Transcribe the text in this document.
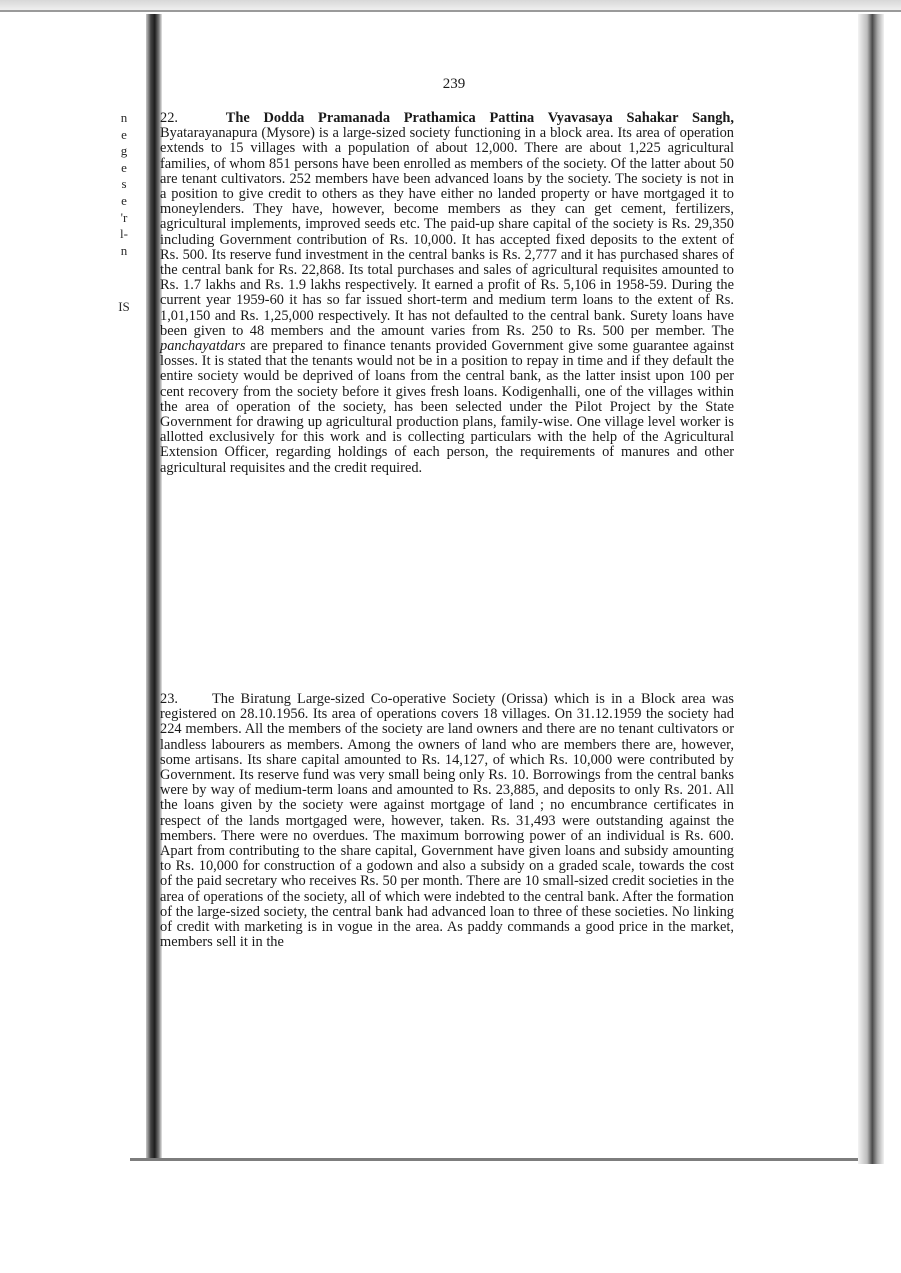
n
e
g
e
s
e
'r
l-
n
IS
239

22.	The Dodda Pramanada Prathamica Pattina Vyavasaya Sahakar Sangh, Byatarayanapura (Mysore) is a large-sized society functioning in a block area. Its area of operation extends to 15 villages with a population of about 12,000. There are about 1,225 agricultural families, of whom 851 persons have been enrolled as members of the society. Of the latter about 50 are tenant cultivators. 252 members have been advanced loans by the society. The society is not in a position to give credit to others as they have either no landed property or have mortgaged it to moneylenders. They have, however, become members as they can get cement, fertilizers, agricultural implements, improved seeds etc. The paid-up share capital of the society is Rs. 29,350 including Government contribution of Rs. 10,000. It has accepted fixed deposits to the extent of Rs. 500. Its reserve fund investment in the central banks is Rs. 2,777 and it has purchased shares of the central bank for Rs. 22,868. Its total purchases and sales of agricultural requisites amounted to Rs. 1.7 lakhs and Rs. 1.9 lakhs respectively. It earned a profit of Rs. 5,106 in 1958-59. During the current year 1959-60 it has so far issued short-term and medium term loans to the extent of Rs. 1,01,150 and Rs. 1,25,000 respectively. It has not defaulted to the central bank. Surety loans have been given to 48 members and the amount varies from Rs. 250 to Rs. 500 per member. The panchayatdars are prepared to finance tenants provided Government give some guarantee against losses. It is stated that the tenants would not be in a position to repay in time and if they default the entire society would be deprived of loans from the central bank, as the latter insist upon 100 per cent recovery from the society before it gives fresh loans. Kodigenhalli, one of the villages within the area of operation of the society, has been selected under the Pilot Project by the State Government for drawing up agricultural production plans, family-wise. One village level worker is allotted exclusively for this work and is collecting particulars with the help of the Agricultural Extension Officer, regarding holdings of each person, the requirements of manures and other agricultural requisites and the credit required.

23. The Biratung Large-sized Co-operative Society (Orissa) which is in a Block area was registered on 28.10.1956. Its area of operations covers 18 villages. On 31.12.1959 the society had 224 members. All the members of the society are land owners and there are no tenant cultivators or landless labourers as members. Among the owners of land who are members there are, however, some artisans. Its share capital amounted to Rs. 14,127, of which Rs. 10,000 were contributed by Government. Its reserve fund was very small being only Rs. 10. Borrowings from the central banks were by way of medium-term loans and amounted to Rs. 23,885, and deposits to only Rs. 201. All the loans given by the society were against mortgage of land ; no encumbrance certificates in respect of the lands mortgaged were, however, taken. Rs. 31,493 were outstanding against the members. There were no overdues. The maximum borrowing power of an individual is Rs. 600. Apart from contributing to the share capital, Government have given loans and subsidy amounting to Rs. 10,000 for construction of a godown and also a subsidy on a graded scale, towards the cost of the paid secretary who receives Rs. 50 per month. There are 10 small-sized credit societies in the area of operations of the society, all of which were indebted to the central bank. After the formation of the large-sized society, the central bank had advanced loan to three of these societies. No linking of credit with marketing is in vogue in the area. As paddy commands a good price in the market, members sell it in the
